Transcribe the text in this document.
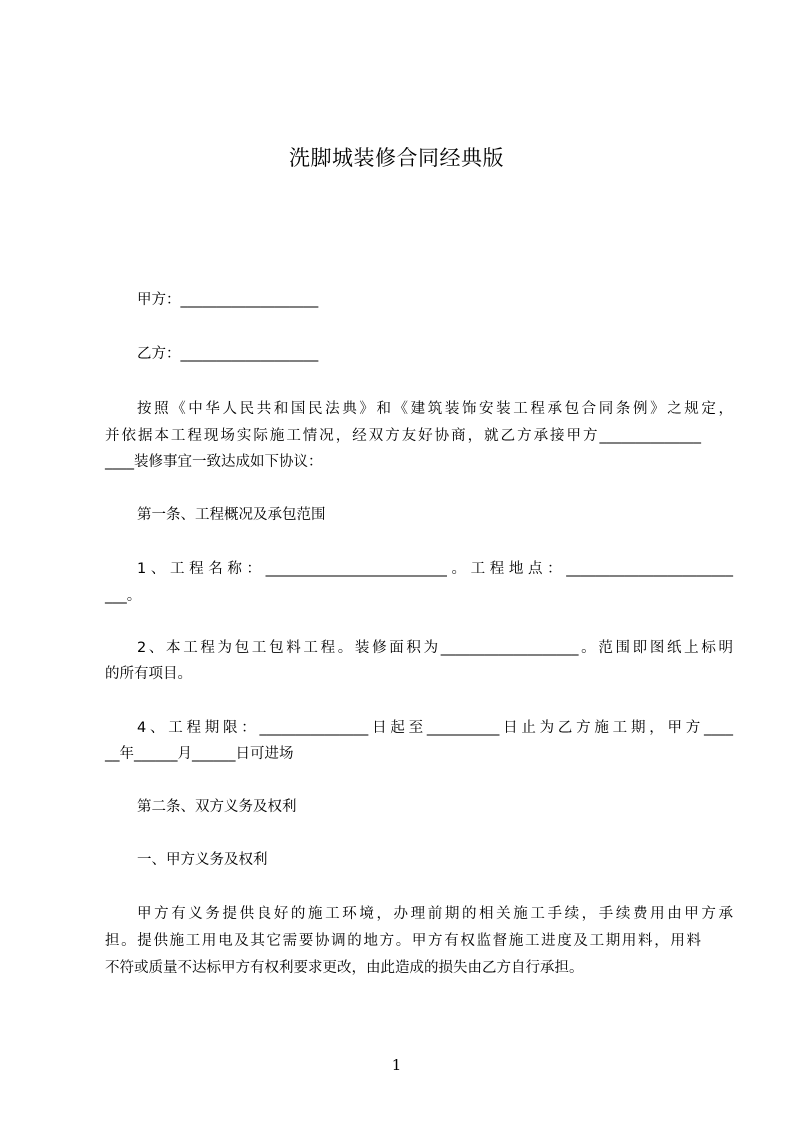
洗脚城装修合同经典版
甲方：___________________
乙方：___________________
按照《中华人民共和国民法典》和《建筑装饰安装工程承包合同条例》之规定，
并依据本工程现场实际施工情况，经双方友好协商，就乙方承接甲方______________
____装修事宜一致达成如下协议：
第一条、工程概况及承包范围
1、工程名称：_________________________。工程地点：_______________________
___。
2、本工程为包工包料工程。装修面积为___________________。范围即图纸上标明
的所有项目。
4、工程期限：_______________日起至__________日止为乙方施工期，甲方____
__年______月______日可进场
第二条、双方义务及权利
一、甲方义务及权利
甲方有义务提供良好的施工环境，办理前期的相关施工手续，手续费用由甲方承
担。提供施工用电及其它需要协调的地方。甲方有权监督施工进度及工期用料，用料
不符或质量不达标甲方有权利要求更改，由此造成的损失由乙方自行承担。
1
